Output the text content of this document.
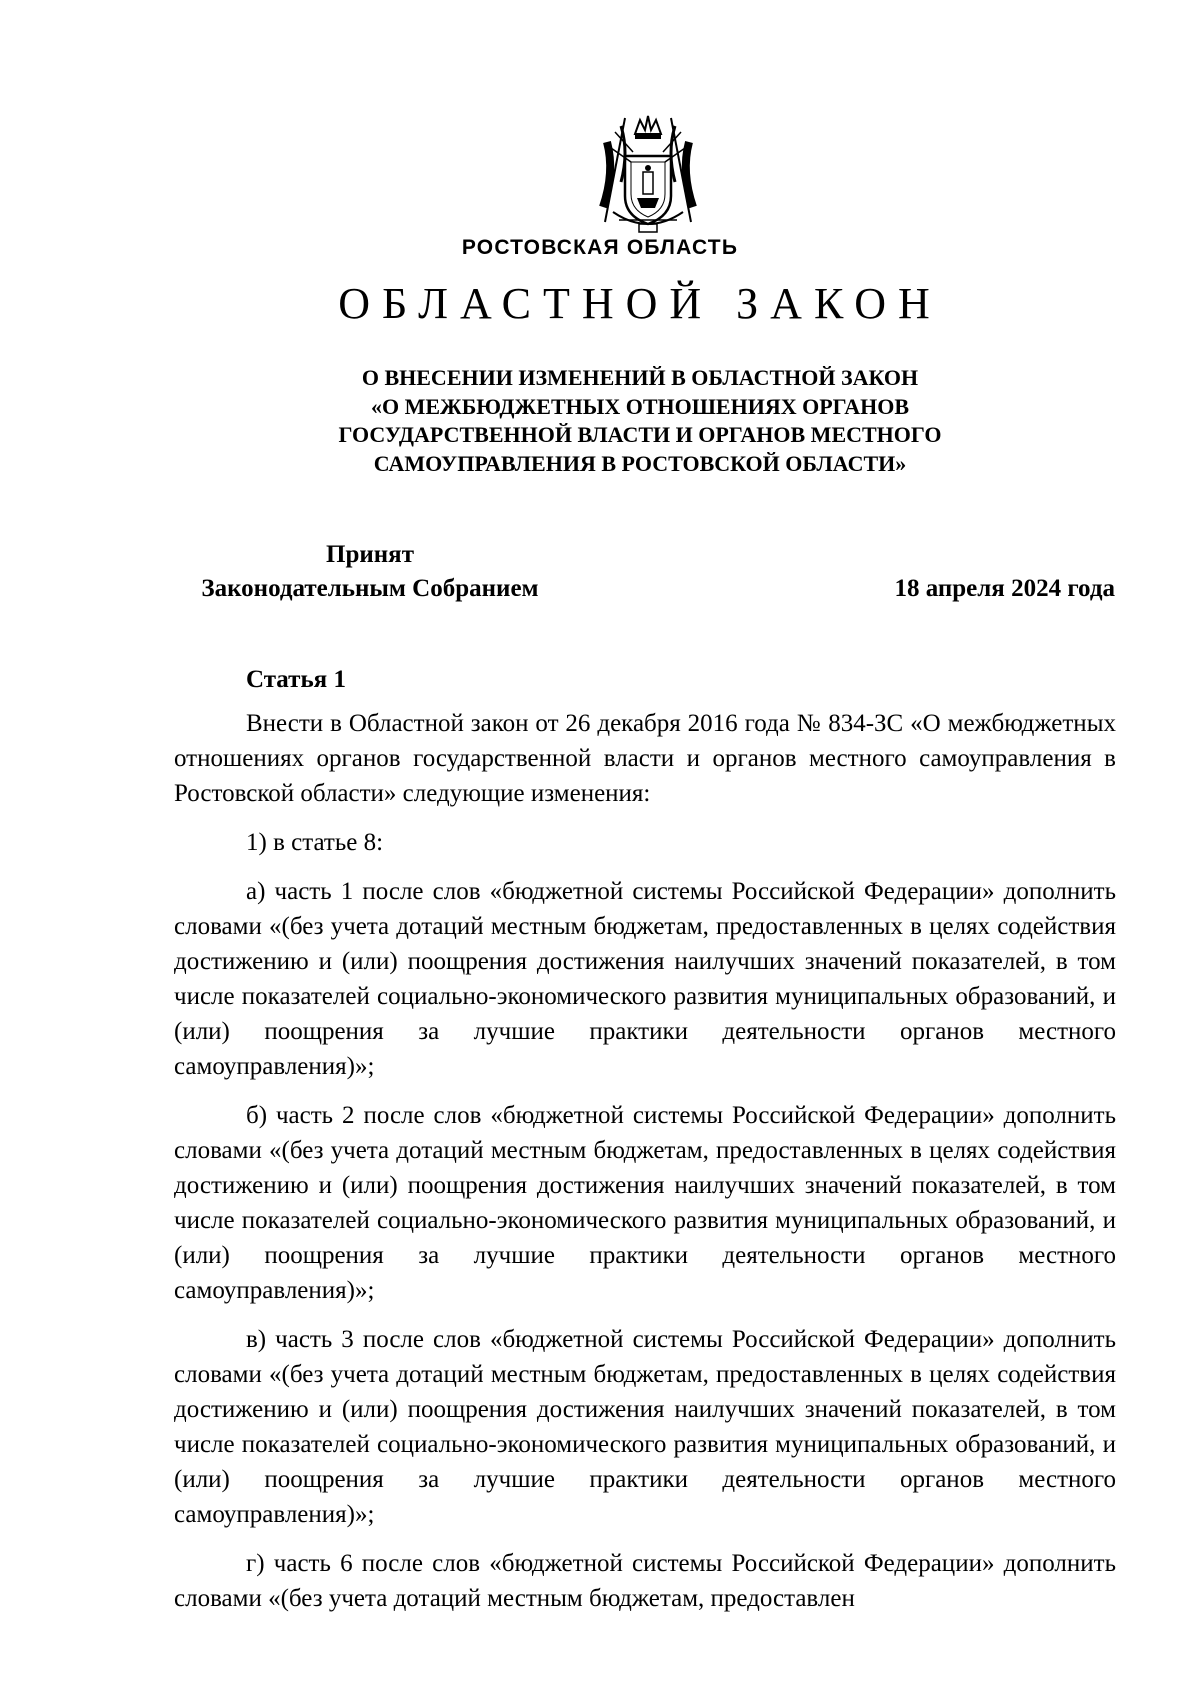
РОСТОВСКАЯ ОБЛАСТЬ
ОБЛАСТНОЙ ЗАКОН
О ВНЕСЕНИИ ИЗМЕНЕНИЙ В ОБЛАСТНОЙ ЗАКОН
«О МЕЖБЮДЖЕТНЫХ ОТНОШЕНИЯХ ОРГАНОВ
ГОСУДАРСТВЕННОЙ ВЛАСТИ И ОРГАНОВ МЕСТНОГО
САМОУПРАВЛЕНИЯ В РОСТОВСКОЙ ОБЛАСТИ»
Принят
Законодательным Собранием	18 апреля 2024 года
Статья 1

Внести в Областной закон от 26 декабря 2016 года № 834-ЗС «О межбюджетных отношениях органов государственной власти и органов местного самоуправления в Ростовской области» следующие изменения:

1) в статье 8:

а) часть 1 после слов «бюджетной системы Российской Федерации» дополнить словами «(без учета дотаций местным бюджетам, предоставленных в целях содействия достижению и (или) поощрения достижения наилучших значений показателей, в том числе показателей социально-экономического развития муниципальных образований, и (или) поощрения за лучшие практики деятельности органов местного самоуправления)»;

б) часть 2 после слов «бюджетной системы Российской Федерации» дополнить словами «(без учета дотаций местным бюджетам, предоставленных в целях содействия достижению и (или) поощрения достижения наилучших значений показателей, в том числе показателей социально-экономического развития муниципальных образований, и (или) поощрения за лучшие практики деятельности органов местного самоуправления)»;

в) часть 3 после слов «бюджетной системы Российской Федерации» дополнить словами «(без учета дотаций местным бюджетам, предоставленных в целях содействия достижению и (или) поощрения достижения наилучших значений показателей, в том числе показателей социально-экономического развития муниципальных образований, и (или) поощрения за лучшие практики деятельности органов местного самоуправления)»;

г) часть 6 после слов «бюджетной системы Российской Федерации» дополнить словами «(без учета дотаций местным бюджетам, предоставлен
